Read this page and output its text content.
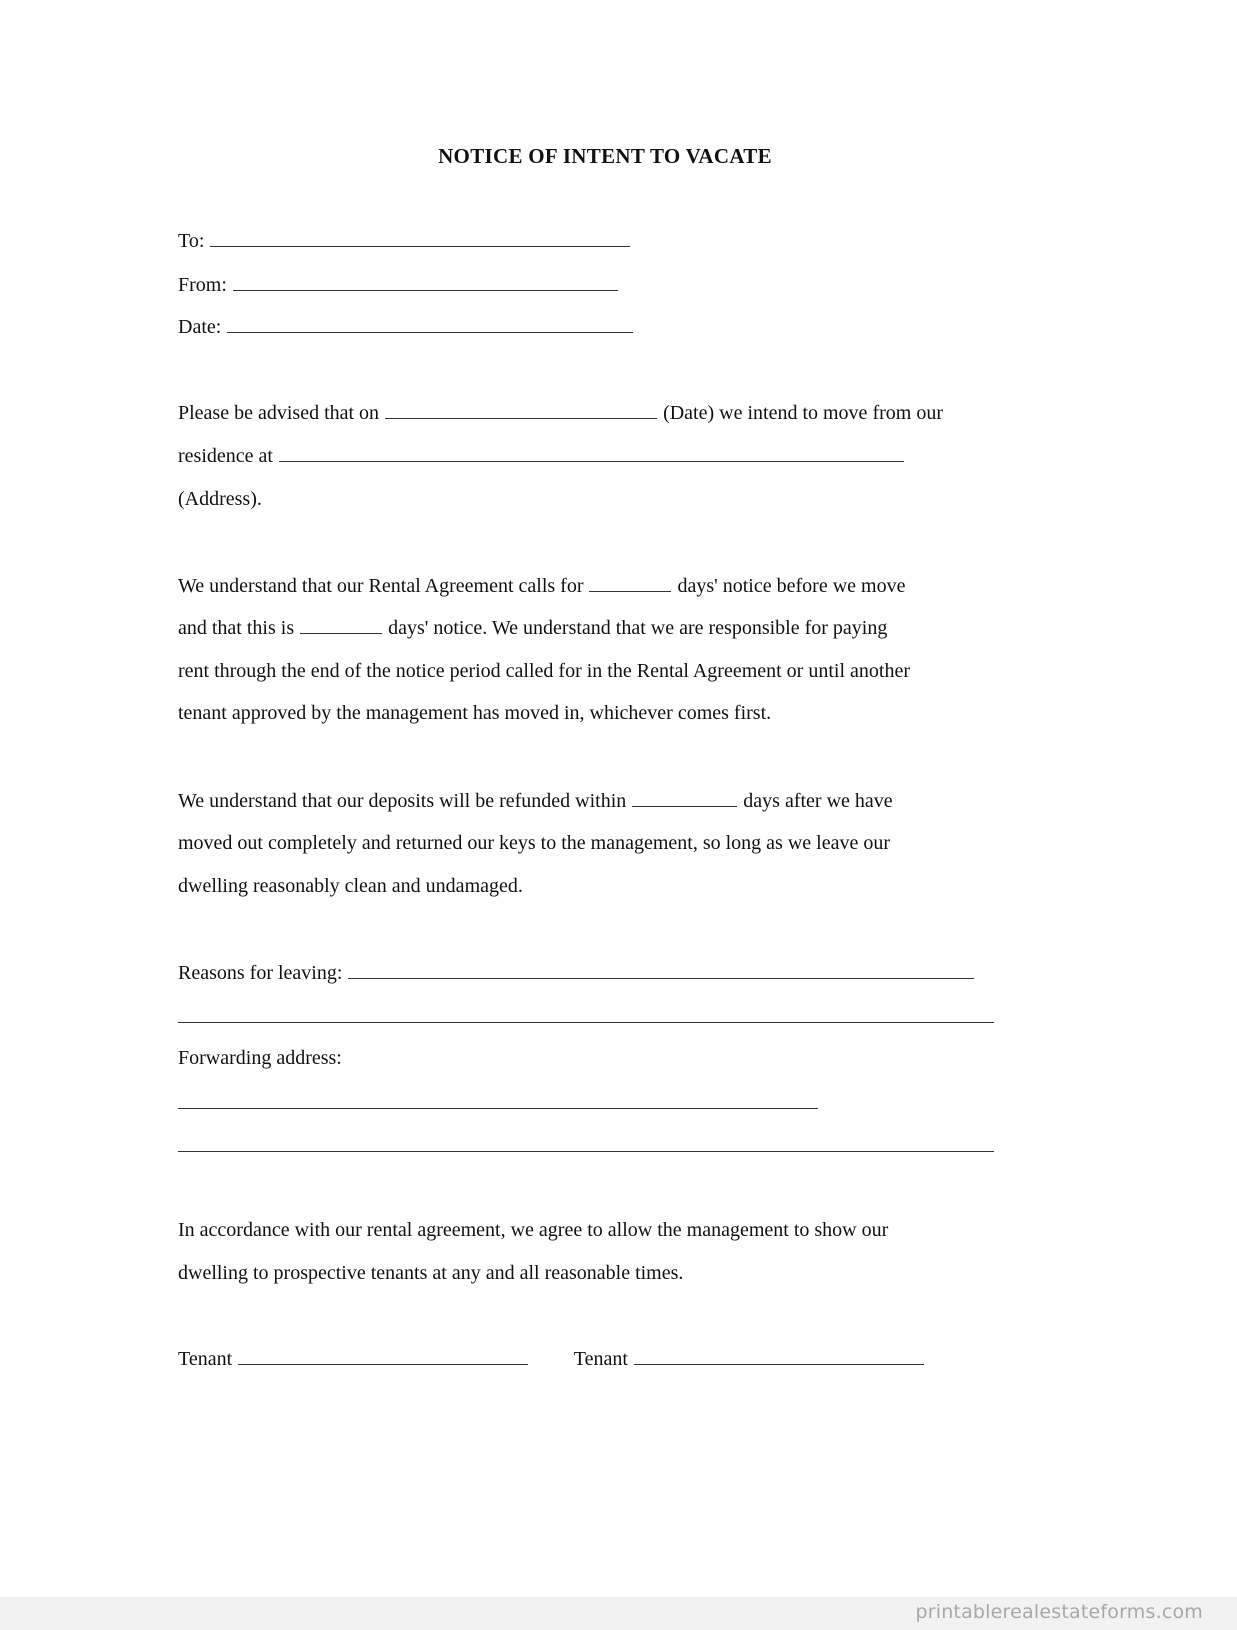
NOTICE OF INTENT TO VACATE
To:
From:
Date:
Please be advised that on	(Date) we intend to move from our
residence at
(Address).
We understand that our Rental Agreement calls for	days' notice before we move
and that this is	days' notice. We understand that we are responsible for paying
rent through the end of the notice period called for in the Rental Agreement or until another
tenant approved by the management has moved in, whichever comes first.
We understand that our deposits will be refunded within	days after we have
moved out completely and returned our keys to the management, so long as we leave our
dwelling reasonably clean and undamaged.
Reasons for leaving:
Forwarding address:
In accordance with our rental agreement, we agree to allow the management to show our
dwelling to prospective tenants at any and all reasonable times.
Tenant	Tenant
printablerealestateforms.com
